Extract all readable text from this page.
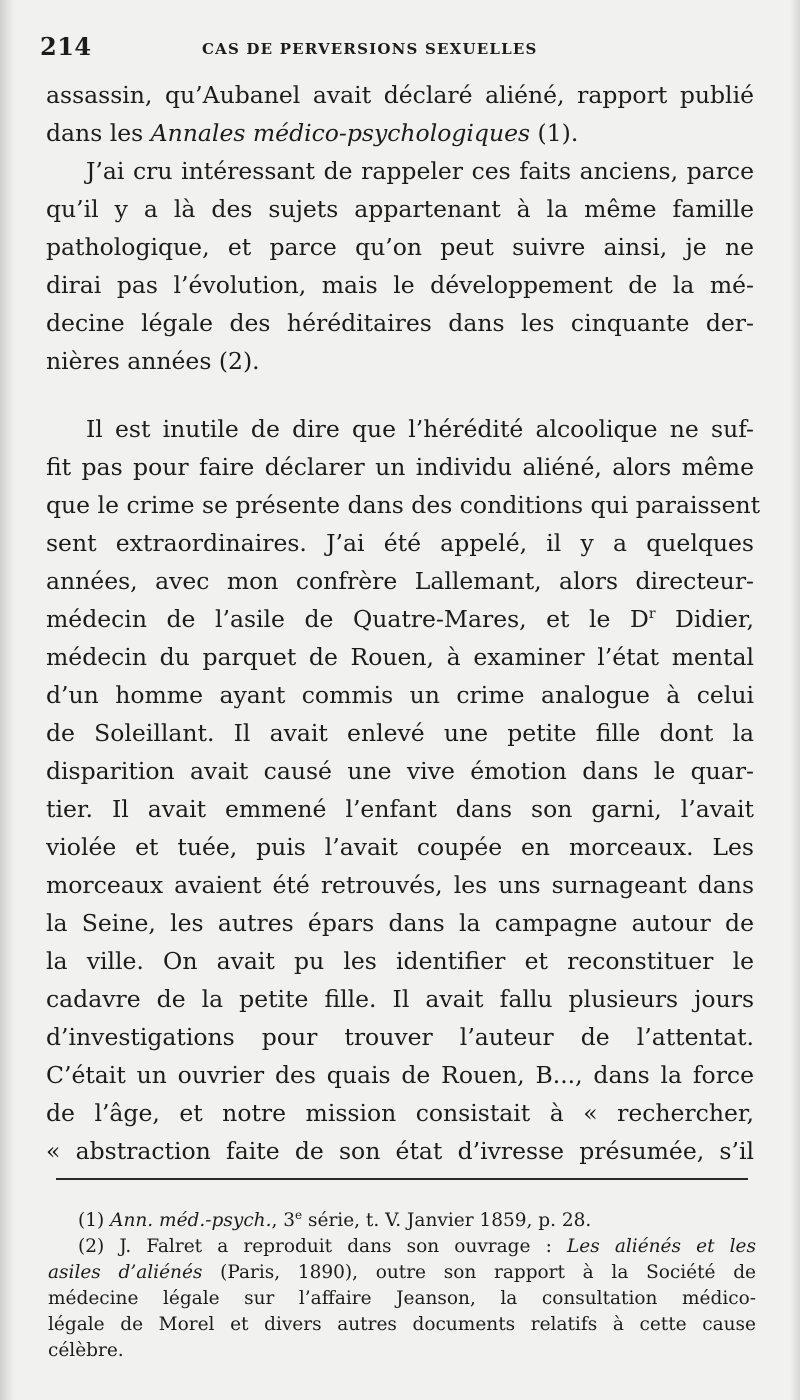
214	CAS DE PERVERSIONS SEXUELLES
assassin, qu’Aubanel avait déclaré aliéné, rapport publié
dans les Annales médico-psychologiques (1).
J’ai cru intéressant de rappeler ces faits anciens, parce
qu’il y a là des sujets appartenant à la même famille
pathologique, et parce qu’on peut suivre ainsi, je ne
dirai pas l’évolution, mais le développement de la mé-
decine légale des héréditaires dans les cinquante der-
nières années (2).
Il est inutile de dire que l’hérédité alcoolique ne suf-
fit pas pour faire déclarer un individu aliéné, alors même
que le crime se présente dans des conditions qui paraissent
sent extraordinaires. J’ai été appelé, il y a quelques
années, avec mon confrère Lallemant, alors directeur-
médecin de l’asile de Quatre-Mares, et le $D^r$ Didier,
médecin du parquet de Rouen, à examiner l’état mental
d’un homme ayant commis un crime analogue à celui
de Soleillant. Il avait enlevé une petite fille dont la
disparition avait causé une vive émotion dans le quar-
tier. Il avait emmené l’enfant dans son garni, l’avait
violée et tuée, puis l’avait coupée en morceaux. Les
morceaux avaient été retrouvés, les uns surnageant dans
la Seine, les autres épars dans la campagne autour de
la ville. On avait pu les identifier et reconstituer le
cadavre de la petite fille. Il avait fallu plusieurs jours
d’investigations pour trouver l’auteur de l’attentat.
C’était un ouvrier des quais de Rouen, B..., dans la force
de l’âge, et notre mission consistait à « rechercher,
« abstraction faite de son état d’ivresse présumée, s’il
(1) Ann. méd.-psych., 3e série, t. V. Janvier 1859, p. 28.
(2) J. Falret a reproduit dans son ouvrage : Les aliénés et les
asiles d’aliénés (Paris, 1890), outre son rapport à la Société de
médecine légale sur l’affaire Jeanson, la consultation médico-
légale de Morel et divers autres documents relatifs à cette cause
célèbre.
